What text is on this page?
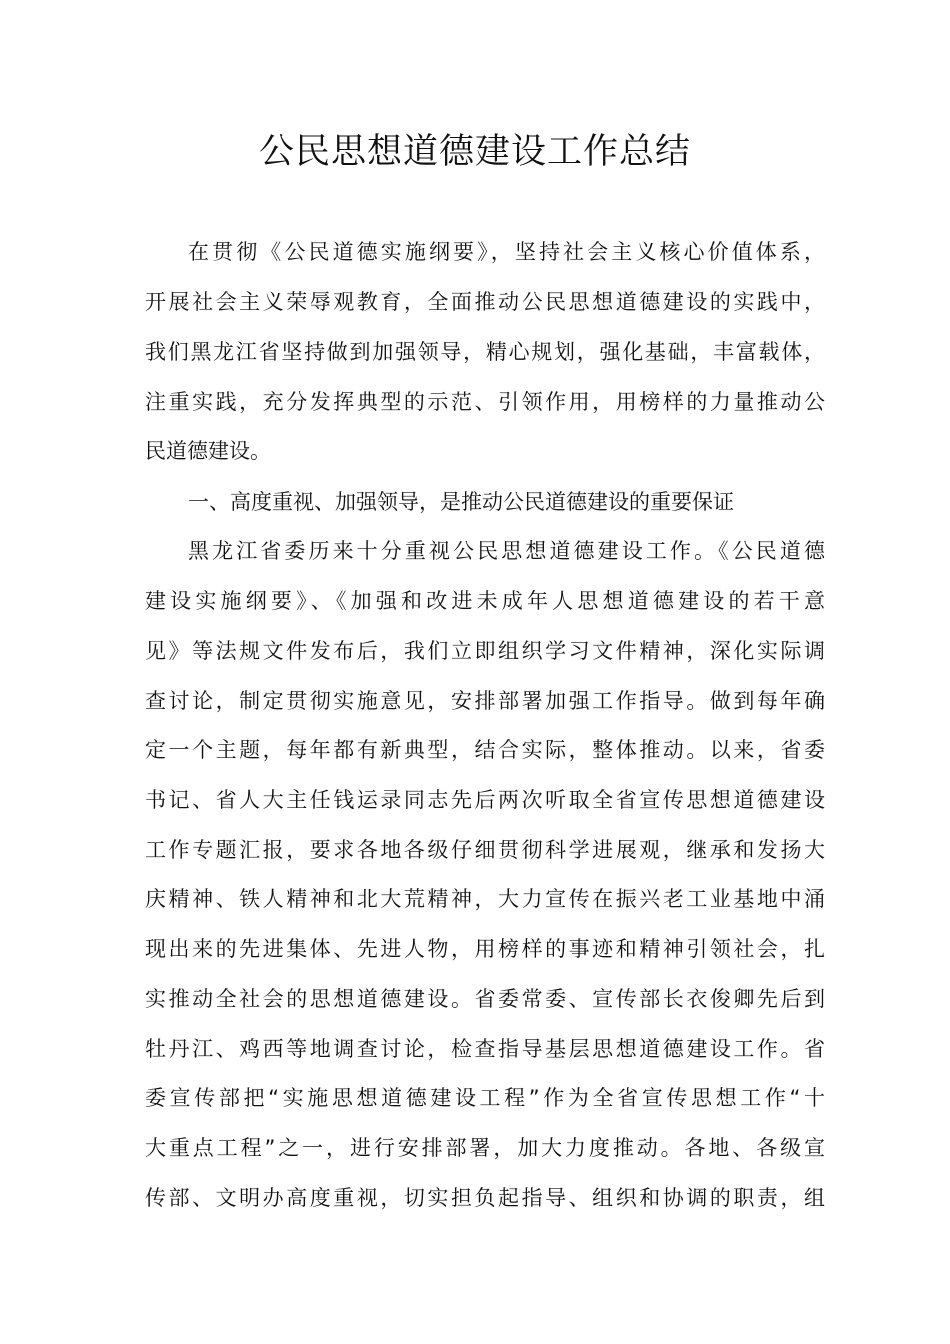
公民思想道德建设工作总结
在贯彻《公民道德实施纲要》，坚持社会主义核心价值体系，
开展社会主义荣辱观教育，全面推动公民思想道德建设的实践中，
我们黑龙江省坚持做到加强领导，精心规划，强化基础，丰富载体，
注重实践，充分发挥典型的示范、引领作用，用榜样的力量推动公
民道德建设。
一、高度重视、加强领导，是推动公民道德建设的重要保证
黑龙江省委历来十分重视公民思想道德建设工作。《公民道德
建设实施纲要》、《加强和改进未成年人思想道德建设的若干意
见》等法规文件发布后，我们立即组织学习文件精神，深化实际调
查讨论，制定贯彻实施意见，安排部署加强工作指导。做到每年确
定一个主题，每年都有新典型，结合实际，整体推动。以来，省委
书记、省人大主任钱运录同志先后两次听取全省宣传思想道德建设
工作专题汇报，要求各地各级仔细贯彻科学进展观，继承和发扬大
庆精神、铁人精神和北大荒精神，大力宣传在振兴老工业基地中涌
现出来的先进集体、先进人物，用榜样的事迹和精神引领社会，扎
实推动全社会的思想道德建设。省委常委、宣传部长衣俊卿先后到
牡丹江、鸡西等地调查讨论，检查指导基层思想道德建设工作。省
委宣传部把“实施思想道德建设工程”作为全省宣传思想工作“十
大重点工程”之一，进行安排部署，加大力度推动。各地、各级宣
传部、文明办高度重视，切实担负起指导、组织和协调的职责，组
